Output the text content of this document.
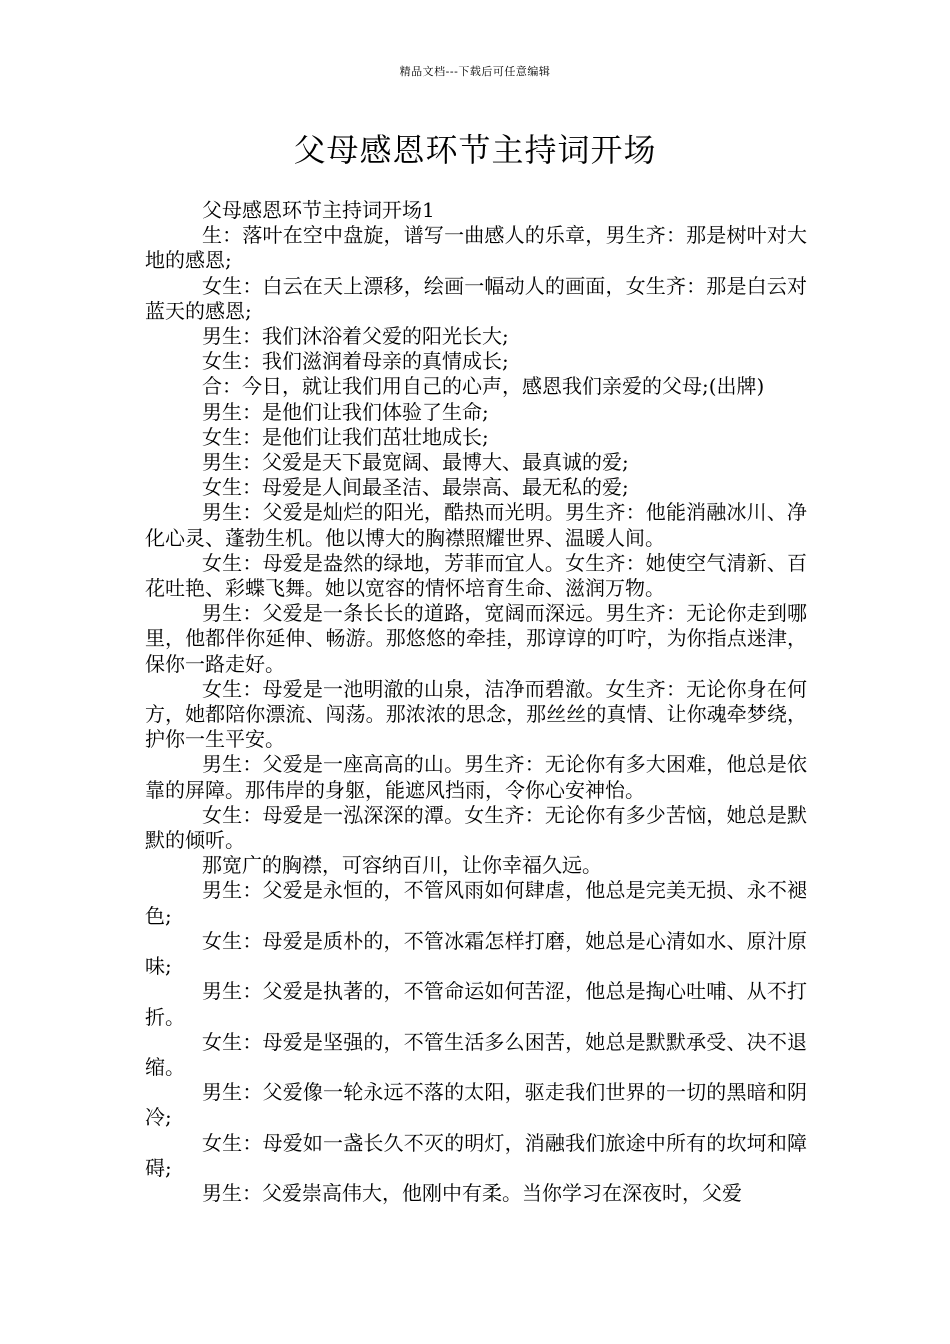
精品文档---下载后可任意编辑
父母感恩环节主持词开场

父母感恩环节主持词开场1

生：落叶在空中盘旋，谱写一曲感人的乐章，男生齐：那是树叶对大地的感恩;

女生：白云在天上漂移，绘画一幅动人的画面，女生齐：那是白云对蓝天的感恩;

男生：我们沐浴着父爱的阳光长大;

女生：我们滋润着母亲的真情成长;

合：今日，就让我们用自己的心声，感恩我们亲爱的父母;(出牌)

男生：是他们让我们体验了生命;

女生：是他们让我们茁壮地成长;

男生：父爱是天下最宽阔、最博大、最真诚的爱;

女生：母爱是人间最圣洁、最崇高、最无私的爱;

男生：父爱是灿烂的阳光，酷热而光明。男生齐：他能消融冰川、净化心灵、蓬勃生机。他以博大的胸襟照耀世界、温暖人间。

女生：母爱是盎然的绿地，芳菲而宜人。女生齐：她使空气清新、百花吐艳、彩蝶飞舞。她以宽容的情怀培育生命、滋润万物。

男生：父爱是一条长长的道路，宽阔而深远。男生齐：无论你走到哪里，他都伴你延伸、畅游。那悠悠的牵挂，那谆谆的叮咛，为你指点迷津，保你一路走好。

女生：母爱是一池明澈的山泉，洁净而碧澈。女生齐：无论你身在何方，她都陪你漂流、闯荡。那浓浓的思念，那丝丝的真情、让你魂牵梦绕，护你一生平安。

男生：父爱是一座高高的山。男生齐：无论你有多大困难，他总是依靠的屏障。那伟岸的身躯，能遮风挡雨，令你心安神怡。

女生：母爱是一泓深深的潭。女生齐：无论你有多少苦恼，她总是默默的倾听。

那宽广的胸襟，可容纳百川，让你幸福久远。

男生：父爱是永恒的，不管风雨如何肆虐，他总是完美无损、永不褪色;

女生：母爱是质朴的，不管冰霜怎样打磨，她总是心清如水、原汁原味;

男生：父爱是执著的，不管命运如何苦涩，他总是掏心吐哺、从不打折。

女生：母爱是坚强的，不管生活多么困苦，她总是默默承受、决不退缩。

男生：父爱像一轮永远不落的太阳，驱走我们世界的一切的黑暗和阴冷;

女生：母爱如一盏长久不灭的明灯，消融我们旅途中所有的坎坷和障碍;

男生：父爱崇高伟大，他刚中有柔。当你学习在深夜时，父爱
